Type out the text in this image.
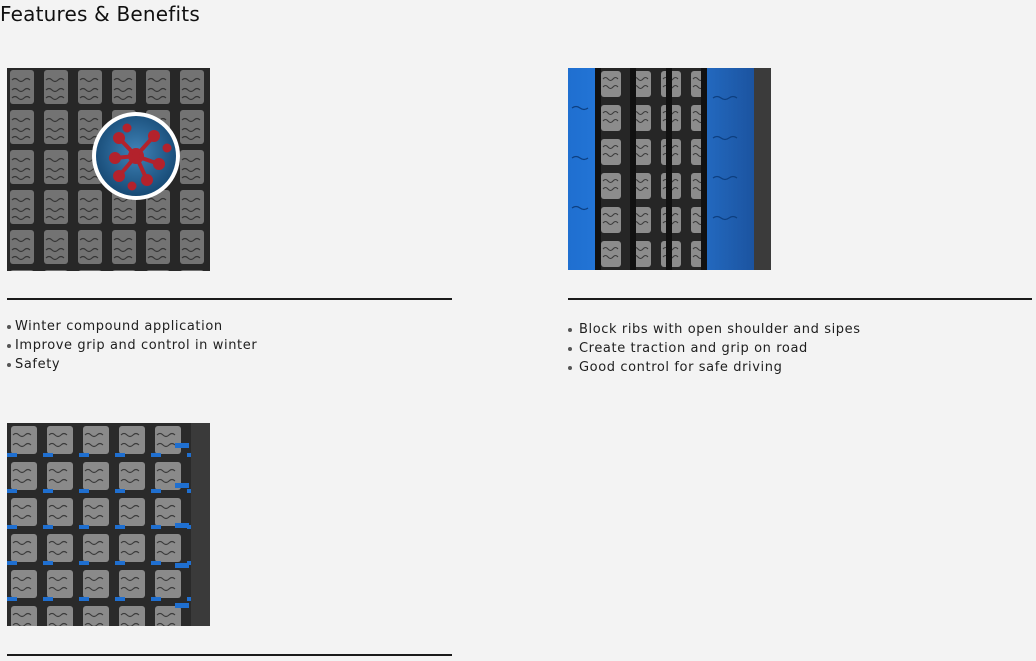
Features & Benefits
Winter compound application
Improve grip and control in winter
Safety
Block ribs with open shoulder and sipes
Create traction and grip on road
Good control for safe driving
